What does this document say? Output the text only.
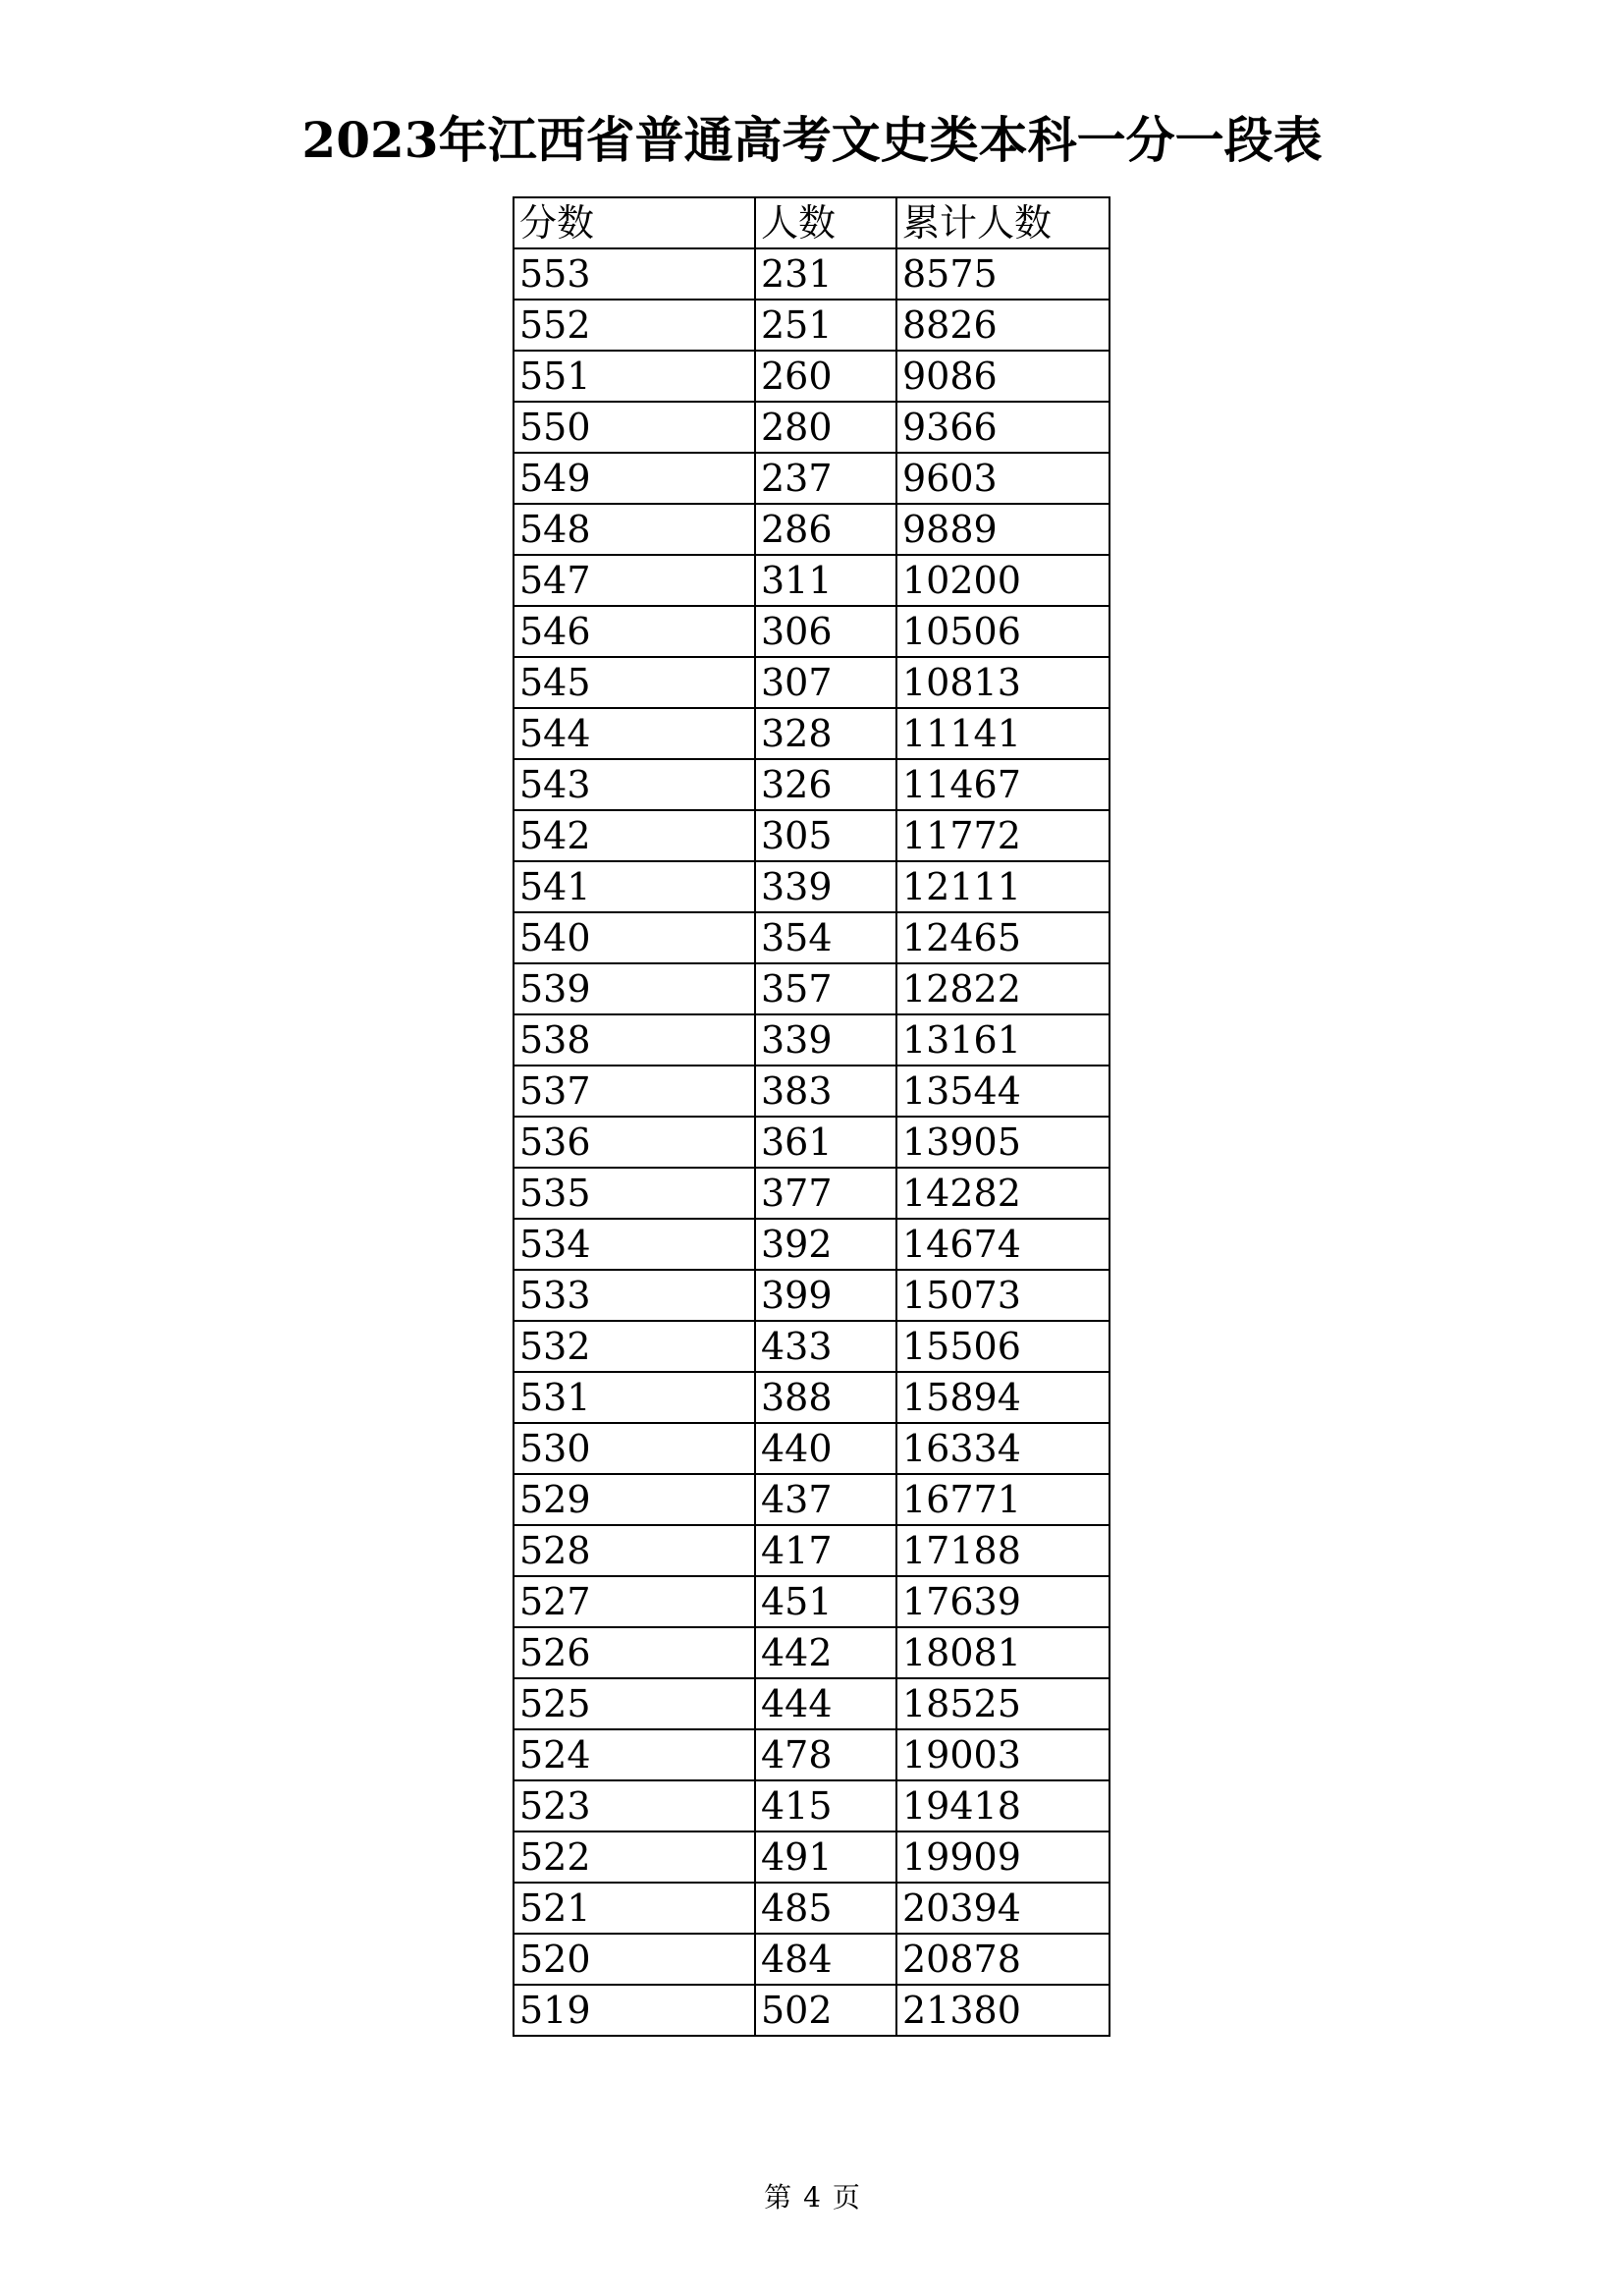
2023年江西省普通高考文史类本科一分一段表
分数	人数	累计人数
553	231	8575
552	251	8826
551	260	9086
550	280	9366
549	237	9603
548	286	9889
547	311	10200
546	306	10506
545	307	10813
544	328	11141
543	326	11467
542	305	11772
541	339	12111
540	354	12465
539	357	12822
538	339	13161
537	383	13544
536	361	13905
535	377	14282
534	392	14674
533	399	15073
532	433	15506
531	388	15894
530	440	16334
529	437	16771
528	417	17188
527	451	17639
526	442	18081
525	444	18525
524	478	19003
523	415	19418
522	491	19909
521	485	20394
520	484	20878
519	502	21380
第 4 页
